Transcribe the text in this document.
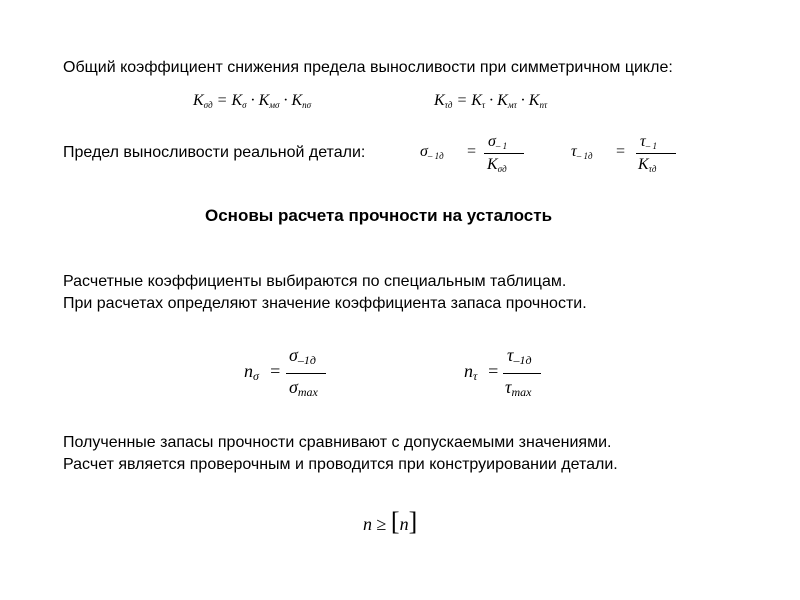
Общий коэффициент снижения предела выносливости при симметричном цикле:
$K_{\sigma д} = K_\sigma \cdot K_{м\sigma} \cdot K_{п\sigma}$	$K_{\tau д} = K_\tau \cdot K_{м\tau} \cdot K_{п\tau}$
Предел выносливости реальной детали:	$\sigma_{- 1д}$ =
$\sigma_{- 1}$
$K_{\sigma д}$
$\tau_{- 1д}$ =
$\tau_{- 1}$
$K_{\tau д}$
Основы расчета прочности на усталость
Расчетные коэффициенты выбираются по специальным таблицам.
При расчетах определяют значение коэффициента запаса прочности.
$n_\sigma$ =
$\sigma_{-1д}$
$\sigma_{max}$
$n_\tau$ =
$\tau_{-1д}$
$\tau_{max}$
Полученные запасы прочности сравнивают с допускаемыми значениями.
Расчет является проверочным и проводится при конструировании детали.
n ≥ [n]
